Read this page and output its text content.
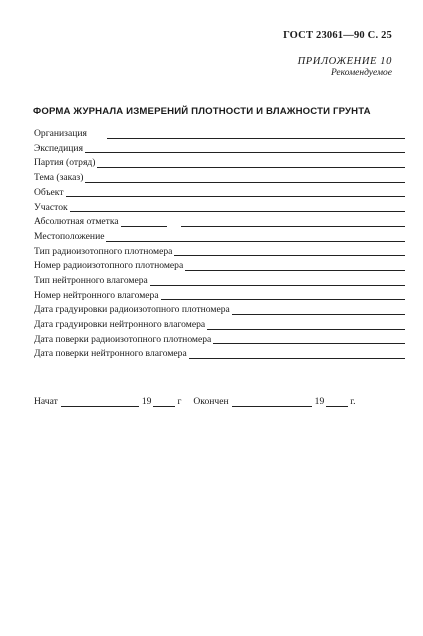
ГОСТ 23061—90 С. 25
ПРИЛОЖЕНИЕ 10
Рекомендуемое
ФОРМА ЖУРНАЛА ИЗМЕРЕНИЙ ПЛОТНОСТИ И ВЛАЖНОСТИ ГРУНТА
Организация
Экспедиция
Партия (отряд)
Тема (заказ)
Объект
Участок
Абсолютная отметка
Местоположение
Тип радиоизотопного плотномера
Номер радиоизотопного плотномера
Тип нейтронного влагомера
Номер нейтронного влагомера
Дата градуировки радиоизотопного плотномера
Дата градуировки нейтронного влагомера
Дата поверки радиоизотопного плотномера
Дата поверки нейтронного влагомера
Начат	19	г Окончен	19	г.
